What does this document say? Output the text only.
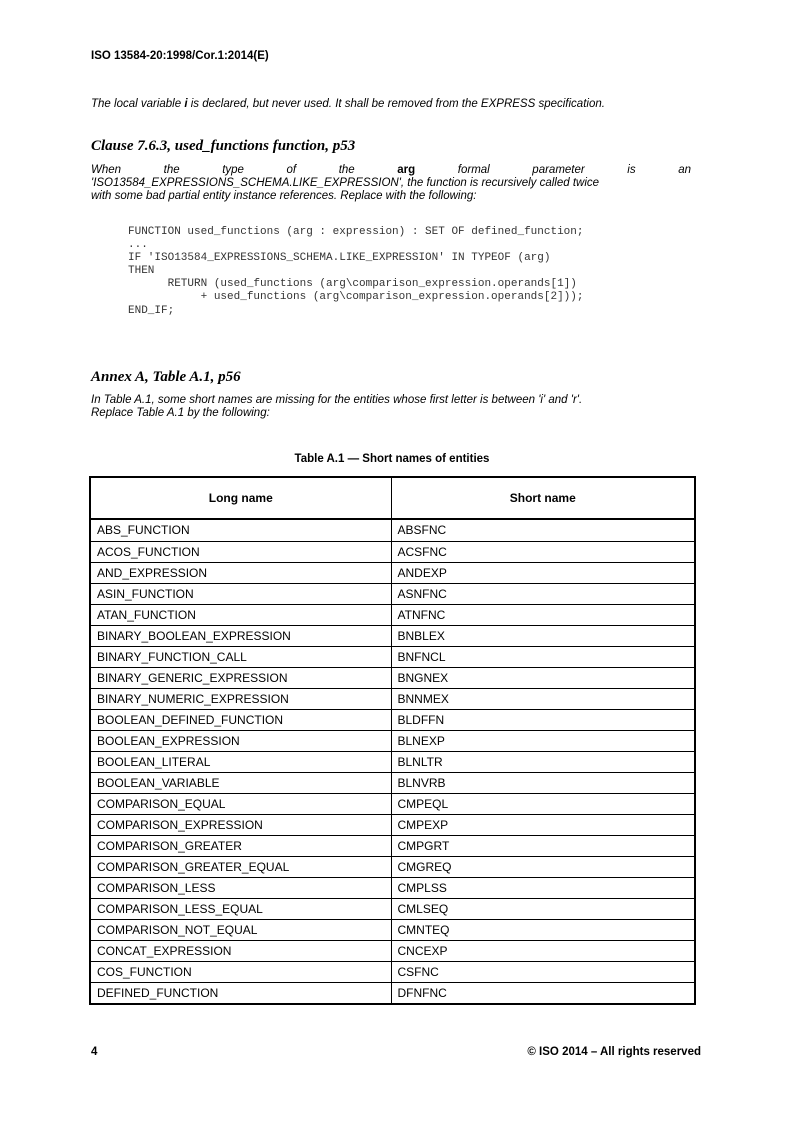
ISO 13584-20:1998/Cor.1:2014(E)
The local variable i is declared, but never used. It shall be removed from the EXPRESS specification.
Clause 7.6.3, used_functions function, p53
When the type of the arg formal parameter is an
'ISO13584_EXPRESSIONS_SCHEMA.LIKE_EXPRESSION', the function is recursively called twice
with some bad partial entity instance references. Replace with the following:
FUNCTION used_functions (arg : expression) : SET OF defined_function;
...
IF 'ISO13584_EXPRESSIONS_SCHEMA.LIKE_EXPRESSION' IN TYPEOF (arg)
THEN
RETURN (used_functions (arg\comparison_expression.operands[1])
+ used_functions (arg\comparison_expression.operands[2]));
END_IF;
Annex A, Table A.1, p56
In Table A.1, some short names are missing for the entities whose first letter is between 'i' and 'r'.
Replace Table A.1 by the following:
Table A.1 — Short names of entities
Long name	Short name
ABS_FUNCTION	ABSFNC
ACOS_FUNCTION	ACSFNC
AND_EXPRESSION	ANDEXP
ASIN_FUNCTION	ASNFNC
ATAN_FUNCTION	ATNFNC
BINARY_BOOLEAN_EXPRESSION	BNBLEX
BINARY_FUNCTION_CALL	BNFNCL
BINARY_GENERIC_EXPRESSION	BNGNEX
BINARY_NUMERIC_EXPRESSION	BNNMEX
BOOLEAN_DEFINED_FUNCTION	BLDFFN
BOOLEAN_EXPRESSION	BLNEXP
BOOLEAN_LITERAL	BLNLTR
BOOLEAN_VARIABLE	BLNVRB
COMPARISON_EQUAL	CMPEQL
COMPARISON_EXPRESSION	CMPEXP
COMPARISON_GREATER	CMPGRT
COMPARISON_GREATER_EQUAL	CMGREQ
COMPARISON_LESS	CMPLSS
COMPARISON_LESS_EQUAL	CMLSEQ
COMPARISON_NOT_EQUAL	CMNTEQ
CONCAT_EXPRESSION	CNCEXP
COS_FUNCTION	CSFNC
DEFINED_FUNCTION	DFNFNC
4	© ISO 2014 – All rights reserved
